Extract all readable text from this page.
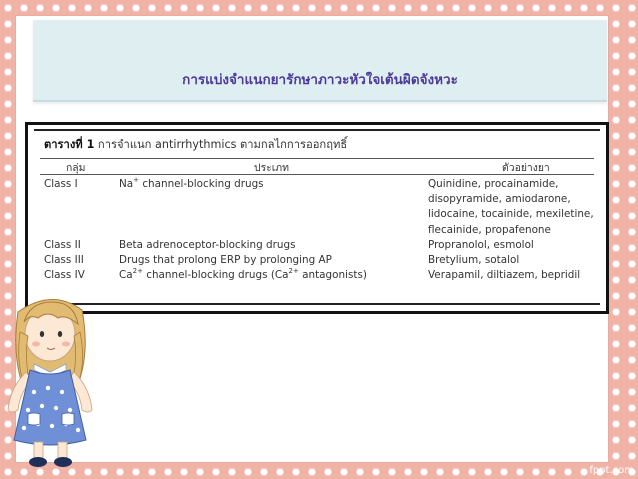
การแบ่งจำแนกยารักษาภาวะหัวใจเต้นผิดจังหวะ
ตารางที่ 1 การจำแนก antirrhythmics ตามกลไกการออกฤทธิ์
กลุ่ม	ประเภท	ตัวอย่างยา
Class I	Na+ channel-blocking drugs	Quinidine, procainamide,
disopyramide, amiodarone,
lidocaine, tocainide, mexiletine,
flecainide, propafenone
Class II	Beta adrenoceptor-blocking drugs	Propranolol, esmolol
Class III	Drugs that prolong ERP by prolonging AP	Bretylium, sotalol
Class IV	$Ca^{2+}$ channel-blocking drugs ($Ca^{2+}$ antagonists)	Verapamil, diltiazem, bepridil
fppt.com
